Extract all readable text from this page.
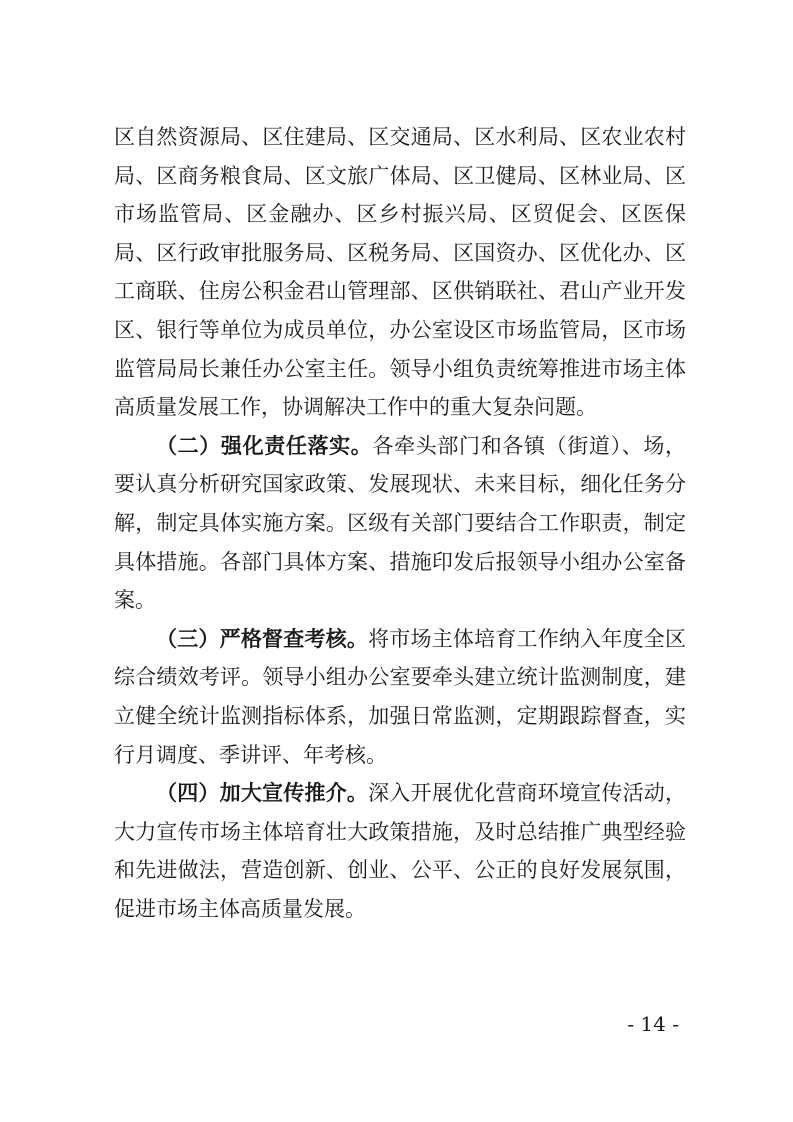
区自然资源局、区住建局、区交通局、区水利局、区农业农村局、区商务粮食局、区文旅广体局、区卫健局、区林业局、区市场监管局、区金融办、区乡村振兴局、区贸促会、区医保局、区行政审批服务局、区税务局、区国资办、区优化办、区工商联、住房公积金君山管理部、区供销联社、君山产业开发区、银行等单位为成员单位，办公室设区市场监管局，区市场监管局局长兼任办公室主任。领导小组负责统筹推进市场主体高质量发展工作，协调解决工作中的重大复杂问题。

（二）强化责任落实。各牵头部门和各镇（街道）、场，要认真分析研究国家政策、发展现状、未来目标，细化任务分解，制定具体实施方案。区级有关部门要结合工作职责，制定具体措施。各部门具体方案、措施印发后报领导小组办公室备案。

（三）严格督查考核。将市场主体培育工作纳入年度全区综合绩效考评。领导小组办公室要牵头建立统计监测制度，建立健全统计监测指标体系，加强日常监测，定期跟踪督查，实行月调度、季讲评、年考核。

（四）加大宣传推介。深入开展优化营商环境宣传活动，大力宣传市场主体培育壮大政策措施，及时总结推广典型经验和先进做法，营造创新、创业、公平、公正的良好发展氛围，促进市场主体高质量发展。

- 14 -
